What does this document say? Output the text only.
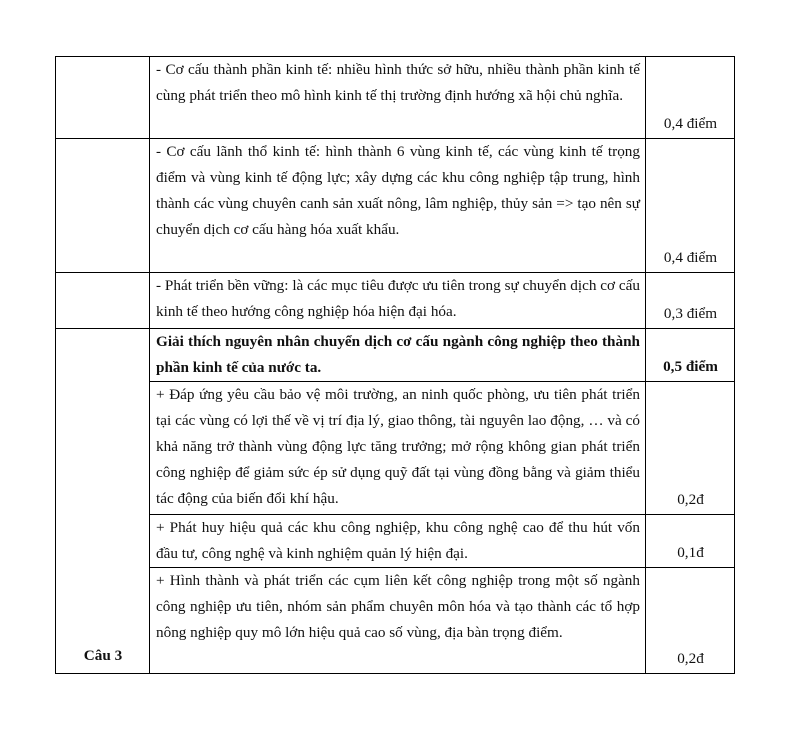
	- Cơ cấu thành phần kinh tế: nhiều hình thức sở hữu, nhiều thành phần kinh tế cùng phát triển theo mô hình kinh tế thị trường định hướng xã hội chủ nghĩa.	0,4 điểm
	- Cơ cấu lãnh thổ kinh tế: hình thành 6 vùng kinh tế, các vùng kinh tế trọng điểm và vùng kinh tế động lực; xây dựng các khu công nghiệp tập trung, hình thành các vùng chuyên canh sản xuất nông, lâm nghiệp, thủy sản => tạo nên sự chuyển dịch cơ cấu hàng hóa xuất khẩu.	0,4 điểm
	- Phát triển bền vững: là các mục tiêu được ưu tiên trong sự chuyển dịch cơ cấu kinh tế theo hướng công nghiệp hóa hiện đại hóa.	0,3 điểm
Câu 3	Giải thích nguyên nhân chuyển dịch cơ cấu ngành công nghiệp theo thành phần kinh tế của nước ta.	0,5 điểm
	+ Đáp ứng yêu cầu bảo vệ môi trường, an ninh quốc phòng, ưu tiên phát triển tại các vùng có lợi thế về vị trí địa lý, giao thông, tài nguyên lao động, … và có khả năng trở thành vùng động lực tăng trưởng; mở rộng không gian phát triển công nghiệp để giảm sức ép sử dụng quỹ đất tại vùng đồng bằng và giảm thiểu tác động của biến đổi khí hậu.	0,2đ
	+ Phát huy hiệu quả các khu công nghiệp, khu công nghệ cao để thu hút vốn đầu tư, công nghệ và kinh nghiệm quản lý hiện đại.	0,1đ
	+ Hình thành và phát triển các cụm liên kết công nghiệp trong một số ngành công nghiệp ưu tiên, nhóm sản phẩm chuyên môn hóa và tạo thành các tổ hợp nông nghiệp quy mô lớn hiệu quả cao số vùng, địa bàn trọng điểm.	0,2đ
